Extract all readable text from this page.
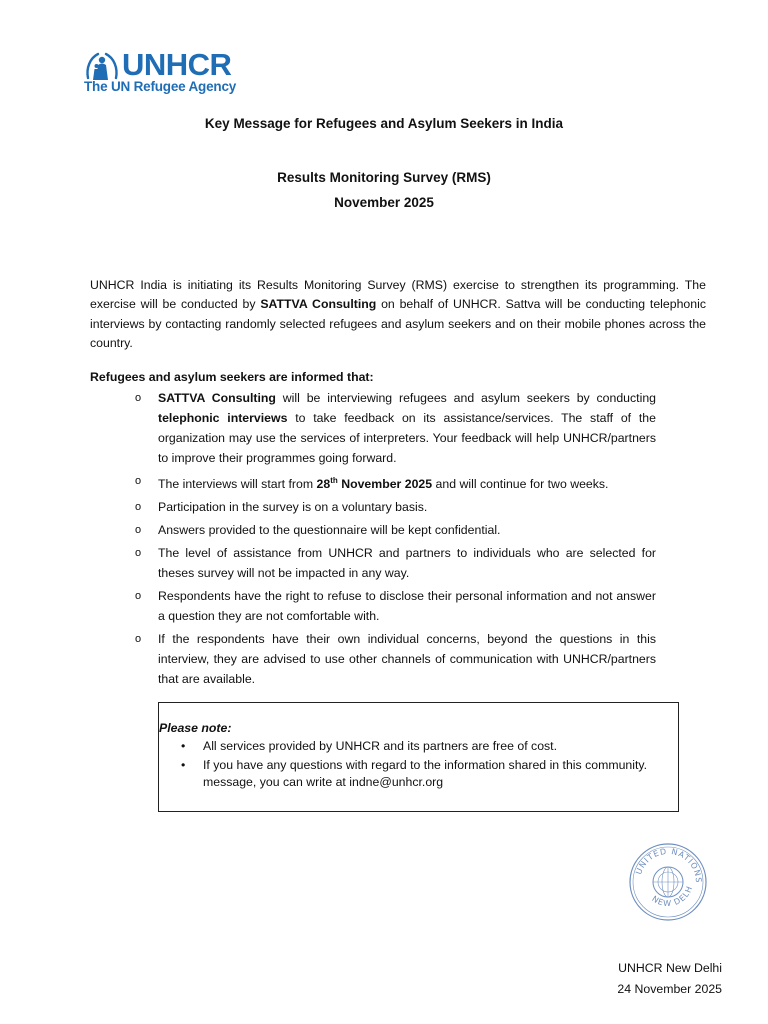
UNHCR
The UN Refugee Agency
Key Message for Refugees and Asylum Seekers in India
Results Monitoring Survey (RMS)
November 2025
UNHCR India is initiating its Results Monitoring Survey (RMS) exercise to strengthen its programming. The exercise will be conducted by SATTVA Consulting on behalf of UNHCR. Sattva will be conducting telephonic interviews by contacting randomly selected refugees and asylum seekers and on their mobile phones across the country.
Refugees and asylum seekers are informed that:
o SATTVA Consulting will be interviewing refugees and asylum seekers by conducting telephonic interviews to take feedback on its assistance/services. The staff of the organization may use the services of interpreters. Your feedback will help UNHCR/partners to improve their programmes going forward.
o The interviews will start from 28th November 2025 and will continue for two weeks.
o Participation in the survey is on a voluntary basis.
o Answers provided to the questionnaire will be kept confidential.
o The level of assistance from UNHCR and partners to individuals who are selected for theses survey will not be impacted in any way.
o Respondents have the right to refuse to disclose their personal information and not answer a question they are not comfortable with.
o If the respondents have their own individual concerns, beyond the questions in this interview, they are advised to use other channels of communication with UNHCR/partners that are available.
Please note:
• All services provided by UNHCR and its partners are free of cost.
• If you have any questions with regard to the information shared in this community. message, you can write at indne@unhcr.org
UNITED NATIONS
NEW DELH
UNHCR New Delhi
24 November 2025
